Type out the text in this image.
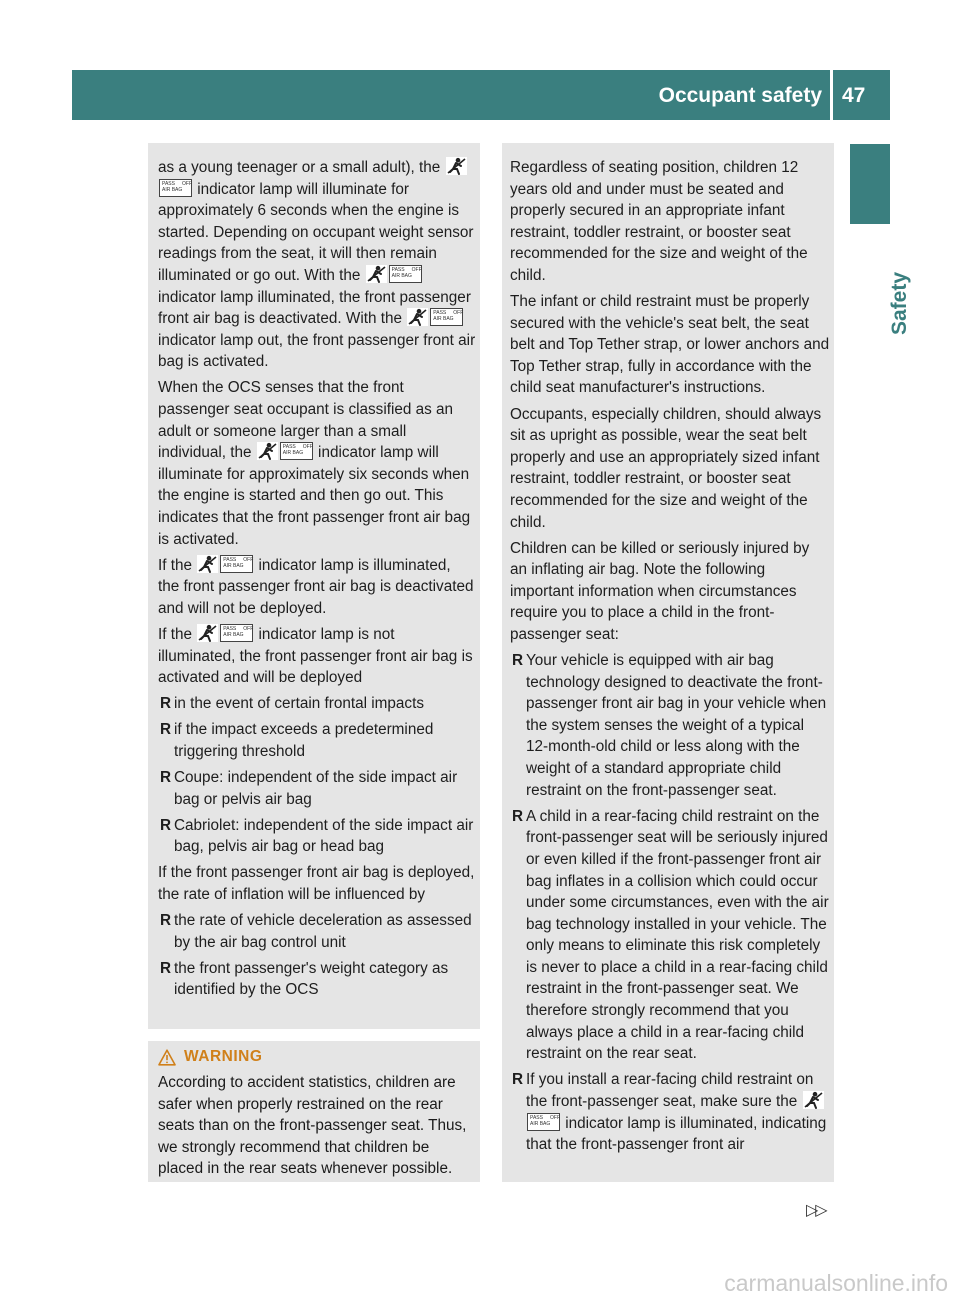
Occupant safety 47
Safety

as a young teenager or a small adult), the
PASS
AIR BAG
OFF indicator lamp will illuminate for approximately 6 seconds when the engine is started. Depending on occupant weight sensor readings from the seat, it will then remain illuminated or go out. With the	PASS
AIR BAG
OFF
indicator lamp illuminated, the front passenger front air bag is deactivated. With the	PASS
AIR BAG
OFF
indicator lamp out, the front passenger front air bag is activated.

When the OCS senses that the front passenger seat occupant is classified as an adult or someone larger than a small individual, the	PASS
AIR BAG
OFF indicator lamp will illuminate for approximately six seconds when the engine is started and then go out. This indicates that the front passenger front air bag is activated.

If the	PASS
AIR BAG
OFF indicator lamp is illuminated, the front passenger front air bag is deactivated and will not be deployed.

If the	PASS
AIR BAG
OFF indicator lamp is not illuminated, the front passenger front air bag is activated and will be deployed

R in the event of certain frontal impacts
R if the impact exceeds a predetermined triggering threshold
R Coupe: independent of the side impact air bag or pelvis air bag
R Cabriolet: independent of the side impact air bag, pelvis air bag or head bag

If the front passenger front air bag is deployed, the rate of inflation will be influenced by

R the rate of vehicle deceleration as assessed by the air bag control unit
R the front passenger's weight category as identified by the OCS
WARNING
According to accident statistics, children are safer when properly restrained on the rear seats than on the front-passenger seat. Thus, we strongly recommend that children be placed in the rear seats whenever possible.

Regardless of seating position, children 12 years old and under must be seated and properly secured in an appropriate infant restraint, toddler restraint, or booster seat recommended for the size and weight of the child.

The infant or child restraint must be properly secured with the vehicle's seat belt, the seat belt and Top Tether strap, or lower anchors and Top Tether strap, fully in accordance with the child seat manufacturer's instructions.

Occupants, especially children, should always sit as upright as possible, wear the seat belt properly and use an appropriately sized infant restraint, toddler restraint, or booster seat recommended for the size and weight of the child.

Children can be killed or seriously injured by an inflating air bag. Note the following important information when circumstances require you to place a child in the front-passenger seat:

R Your vehicle is equipped with air bag technology designed to deactivate the front-passenger front air bag in your vehicle when the system senses the weight of a typical 12-month-old child or less along with the weight of a standard appropriate child restraint on the front-passenger seat.
R A child in a rear-facing child restraint on the front-passenger seat will be seriously injured or even killed if the front-passenger front air bag inflates in a collision which could occur under some circumstances, even with the air bag technology installed in your vehicle. The only means to eliminate this risk completely is never to place a child in a rear-facing child restraint in the front-passenger seat. We therefore strongly recommend that you always place a child in a rear-facing child restraint on the rear seat.
R If you install a rear-facing child restraint on the front-passenger seat, make sure the
PASS
AIR BAG
OFF indicator lamp is illuminated, indicating that the front-passenger front air
▷▷
carmanualsonline.info
